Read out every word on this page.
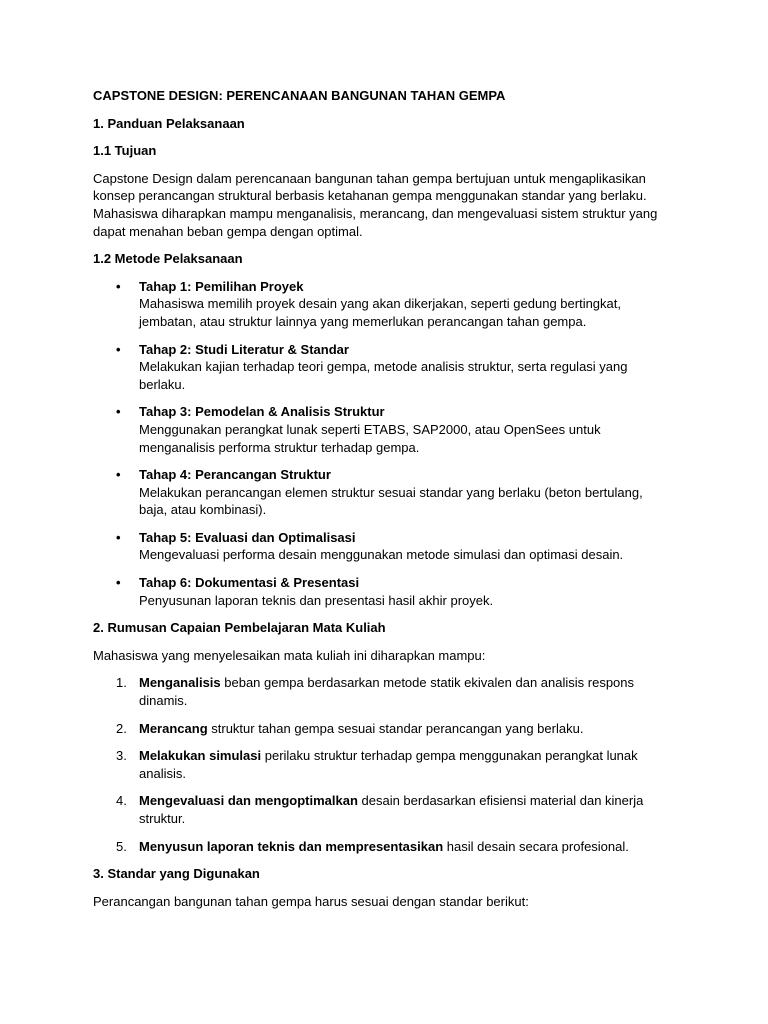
CAPSTONE DESIGN: PERENCANAAN BANGUNAN TAHAN GEMPA
1. Panduan Pelaksanaan
1.1 Tujuan
Capstone Design dalam perencanaan bangunan tahan gempa bertujuan untuk mengaplikasikan konsep perancangan struktural berbasis ketahanan gempa menggunakan standar yang berlaku. Mahasiswa diharapkan mampu menganalisis, merancang, dan mengevaluasi sistem struktur yang dapat menahan beban gempa dengan optimal.
1.2 Metode Pelaksanaan
• Tahap 1: Pemilihan Proyek
Mahasiswa memilih proyek desain yang akan dikerjakan, seperti gedung bertingkat, jembatan, atau struktur lainnya yang memerlukan perancangan tahan gempa.
• Tahap 2: Studi Literatur & Standar
Melakukan kajian terhadap teori gempa, metode analisis struktur, serta regulasi yang berlaku.
• Tahap 3: Pemodelan & Analisis Struktur
Menggunakan perangkat lunak seperti ETABS, SAP2000, atau OpenSees untuk menganalisis performa struktur terhadap gempa.
• Tahap 4: Perancangan Struktur
Melakukan perancangan elemen struktur sesuai standar yang berlaku (beton bertulang, baja, atau kombinasi).
• Tahap 5: Evaluasi dan Optimalisasi
Mengevaluasi performa desain menggunakan metode simulasi dan optimasi desain.
• Tahap 6: Dokumentasi & Presentasi
Penyusunan laporan teknis dan presentasi hasil akhir proyek.
2. Rumusan Capaian Pembelajaran Mata Kuliah
Mahasiswa yang menyelesaikan mata kuliah ini diharapkan mampu:
1. Menganalisis beban gempa berdasarkan metode statik ekivalen dan analisis respons dinamis.
2. Merancang struktur tahan gempa sesuai standar perancangan yang berlaku.
3. Melakukan simulasi perilaku struktur terhadap gempa menggunakan perangkat lunak analisis.
4. Mengevaluasi dan mengoptimalkan desain berdasarkan efisiensi material dan kinerja struktur.
5. Menyusun laporan teknis dan mempresentasikan hasil desain secara profesional.
3. Standar yang Digunakan
Perancangan bangunan tahan gempa harus sesuai dengan standar berikut:
